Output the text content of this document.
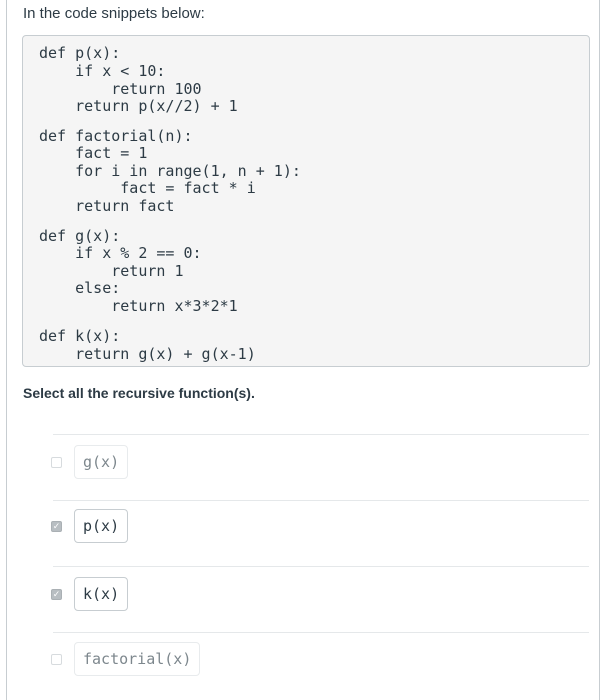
In the code snippets below:
def p(x):
if x < 10:
return 100
return p(x//2) + 1
def factorial(n):
fact = 1
for i in range(1, n + 1):
fact = fact * i
return fact
def g(x):
if x % 2 == 0:
return 1
else:
return x*3*2*1
def k(x):
return g(x) + g(x-1)
Select all the recursive function(s).
g(x)
✓	p(x)
✓	k(x)
factorial(x)
